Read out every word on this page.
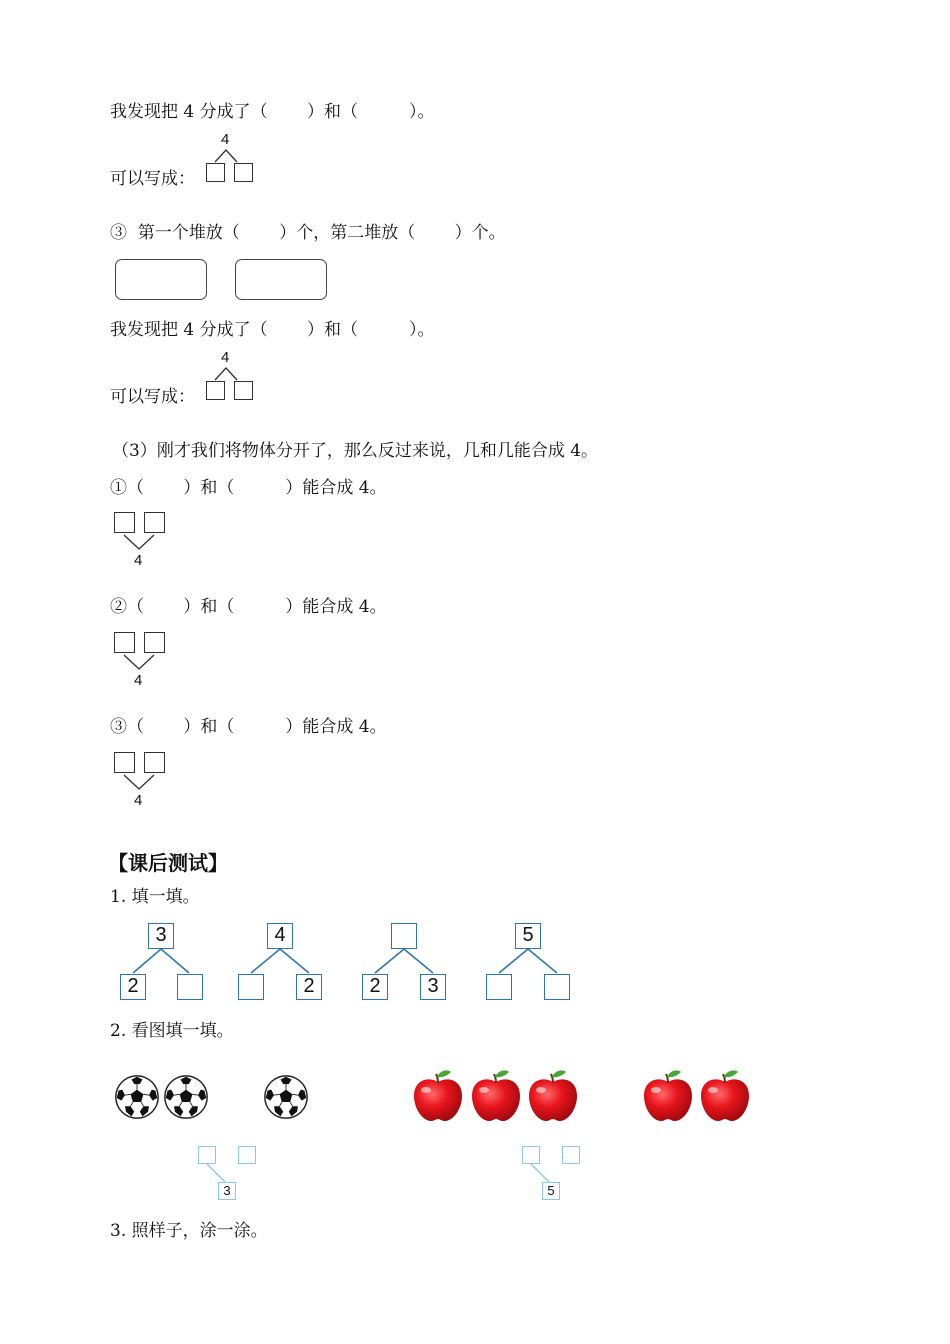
我发现把 4 分成了（　　 ）和（　　　）。
4
可以写成：
③  第一个堆放（　　 ）个，第二堆放（　　 ）个。
我发现把 4 分成了（　　 ）和（　　　）。
4
可以写成：
（3）刚才我们将物体分开了，那么反过来说，几和几能合成 4。
①（　　 ）和（　　　）能合成 4。
4
②（　　 ）和（　　　）能合成 4。
4
③（　　 ）和（　　　）能合成 4。
4
【课后测试】
1. 填一填。
3
2
4
2	2	3
5
2. 看图填一填。
3	5
3. 照样子，涂一涂。
